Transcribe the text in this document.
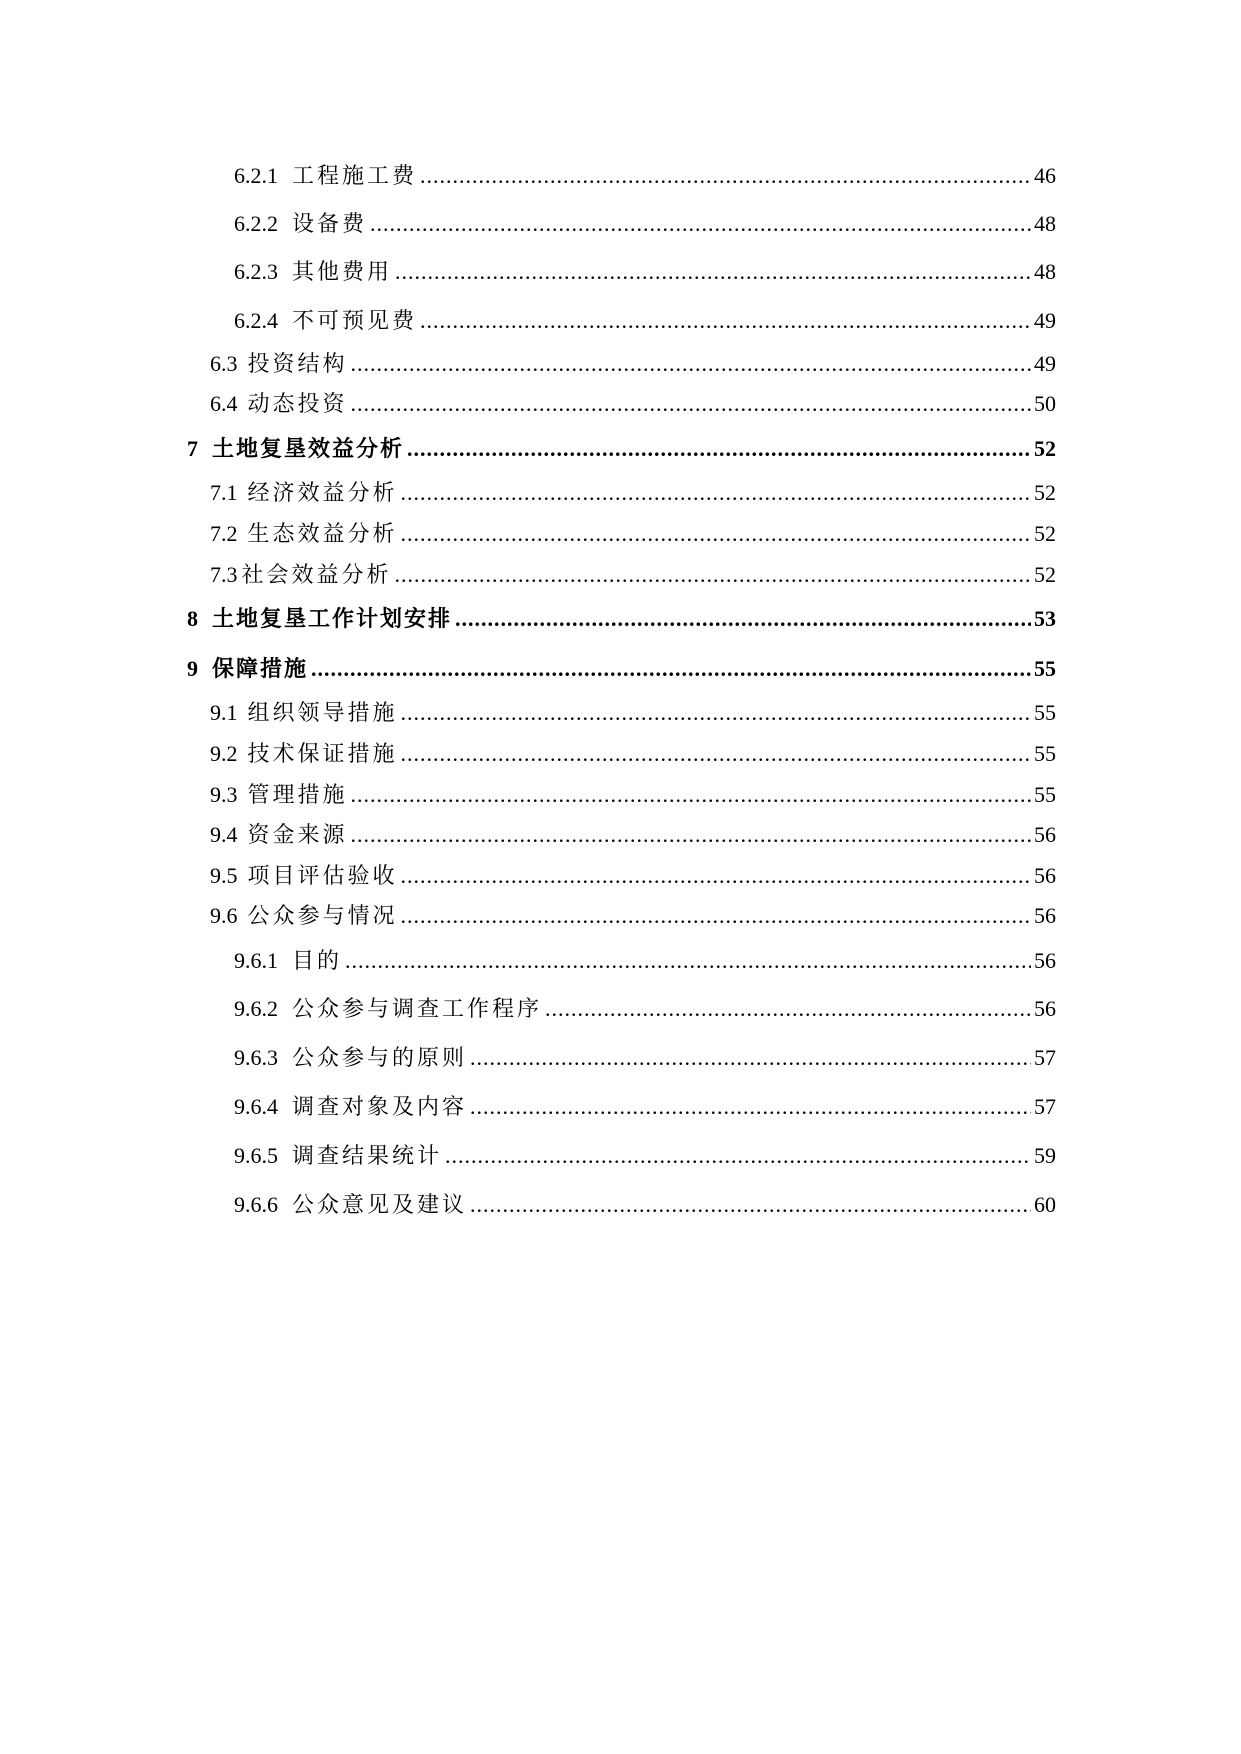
6.2.1 工程施工费 .....	46
6.2.2 设备费 .....	48
6.2.3 其他费用 .....	48
6.2.4 不可预见费 .....	49
6.3 投资结构 .....	49
6.4 动态投资 .....	50
7 土地复垦效益分析 .....	52
7.1 经济效益分析 .....	52
7.2 生态效益分析 .....	52
7.3 社会效益分析 .....	52
8 土地复垦工作计划安排 .....	53
9 保障措施 .....	55
9.1 组织领导措施 .....	55
9.2 技术保证措施 .....	55
9.3 管理措施 .....	55
9.4 资金来源 .....	56
9.5 项目评估验收 .....	56
9.6 公众参与情况 .....	56
9.6.1 目的 .....	56
9.6.2 公众参与调查工作程序 .....	56
9.6.3 公众参与的原则 .....	57
9.6.4 调查对象及内容 .....	57
9.6.5 调查结果统计 .....	59
9.6.6 公众意见及建议 .....	60
